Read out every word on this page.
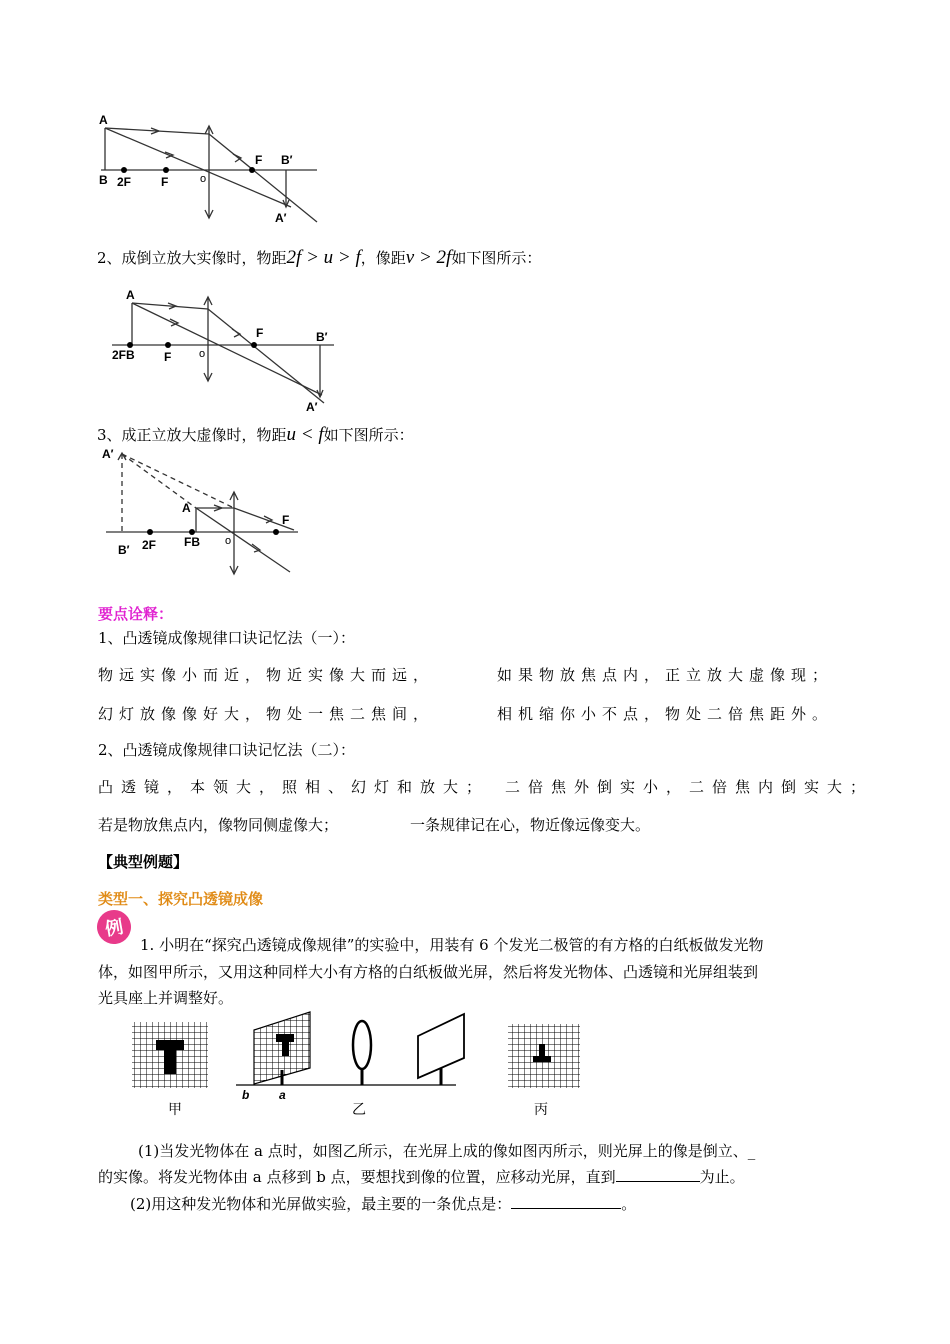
A
B 2F F	o
F B′
A′
2、成倒立放大实像时，物距2f > u > f，像距v > 2f如下图所示：
A
2FB F	o
F	B′
A′
3、成正立放大虚像时，物距u < f如下图所示：
A′
A
F
B′ 2F FB o
要点诠释：
1、凸透镜成像规律口诀记忆法（一）：
物远实像小而近，物近实像大而远，	如果物放焦点内，正立放大虚像现；
幻灯放像像好大，物处一焦二焦间，	相机缩你小不点，物处二倍焦距外。
2、凸透镜成像规律口诀记忆法（二）：
凸透镜，本领大，照相、幻灯和放大； 二倍焦外倒实小，二倍焦内倒实大；
若是物放焦点内，像物同侧虚像大；	一条规律记在心，物近像远像变大。
【典型例题】
类型一、探究凸透镜成像
例
1. 小明在“探究凸透镜成像规律”的实验中，用装有 6 个发光二极管的有方格的白纸板做发光物
体，如图甲所示，又用这种同样大小有方格的白纸板做光屏，然后将发光物体、凸透镜和光屏组装到
光具座上并调整好。
甲
b a
乙	丙
(1)当发光物体在 a 点时，如图乙所示，在光屏上成的像如图丙所示，则光屏上的像是倒立、_
的实像。将发光物体由 a 点移到 b 点，要想找到像的位置，应移动光屏，直到	为止。
(2)用这种发光物体和光屏做实验，最主要的一条优点是：	。
